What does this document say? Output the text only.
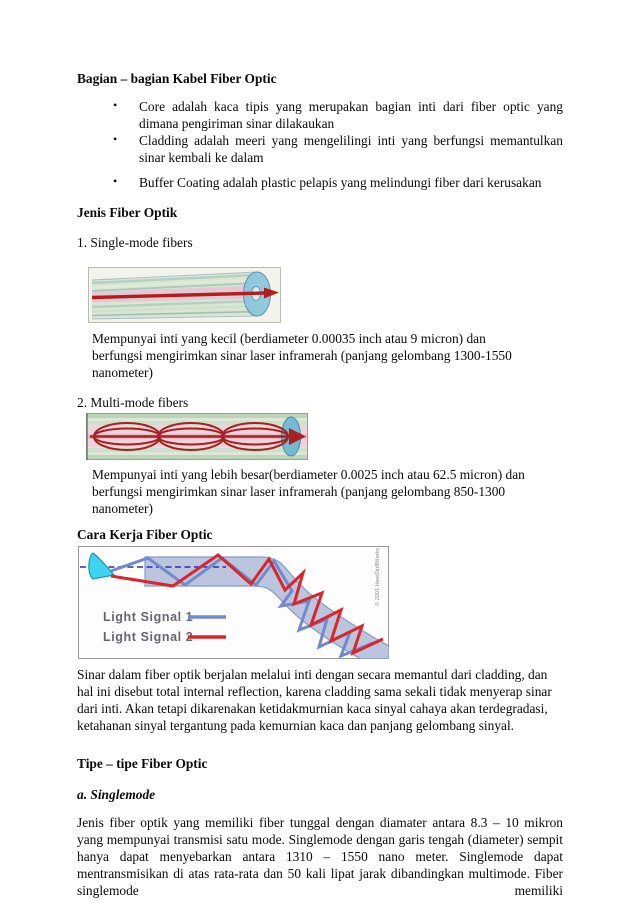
Bagian – bagian Kabel Fiber Optic
• Core adalah kaca tipis yang merupakan bagian inti dari fiber optic yang dimana pengiriman sinar dilakaukan
• Cladding adalah meeri yang mengelilingi inti yang berfungsi memantulkan sinar kembali ke dalam
• Buffer Coating adalah plastic pelapis yang melindungi fiber dari kerusakan
Jenis Fiber Optik
1. Single-mode fibers
Mempunyai inti yang kecil (berdiameter 0.00035 inch atau 9 micron) dan berfungsi mengirimkan sinar laser inframerah (panjang gelombang 1300-1550 nanometer)
2. Multi-mode fibers
Mempunyai inti yang lebih besar(berdiameter 0.0025 inch atau 62.5 micron) dan berfungsi mengirimkan sinar laser inframerah (panjang gelombang 850-1300 nanometer)
Cara Kerja Fiber Optic
Light Signal 1
Light Signal 2
© 2001 HowStuffWorks
Sinar dalam fiber optik berjalan melalui inti dengan secara memantul dari cladding, dan hal ini disebut total internal reflection, karena cladding sama sekali tidak menyerap sinar dari inti. Akan tetapi dikarenakan ketidakmurnian kaca sinyal cahaya akan terdegradasi, ketahanan sinyal tergantung pada kemurnian kaca dan panjang gelombang sinyal.
Tipe – tipe Fiber Optic
a. Singlemode
Jenis fiber optik yang memiliki fiber tunggal dengan diamater antara 8.3 – 10 mikron yang mempunyai transmisi satu mode. Singlemode dengan garis tengah (diameter) sempit hanya dapat menyebarkan antara 1310 – 1550 nano meter. Singlemode dapat mentransmisikan di atas rata-rata dan 50 kali lipat jarak dibandingkan multimode. Fiber singlemode memiliki
